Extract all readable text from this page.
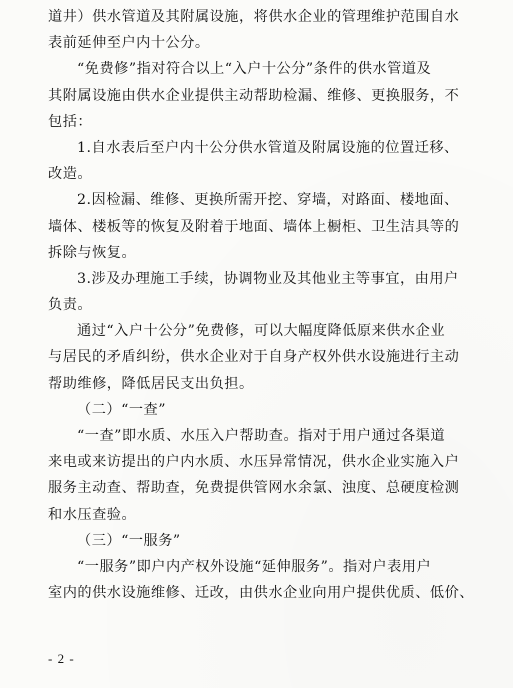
道井）供水管道及其附属设施，将供水企业的管理维护范围自水
表前延伸至户内十公分。
“免费修”指对符合以上“入户十公分”条件的供水管道及
其附属设施由供水企业提供主动帮助检漏、维修、更换服务，不
包括：
1.自水表后至户内十公分供水管道及附属设施的位置迁移、
改造。
2.因检漏、维修、更换所需开挖、穿墙，对路面、楼地面、
墙体、楼板等的恢复及附着于地面、墙体上橱柜、卫生洁具等的
拆除与恢复。
3.涉及办理施工手续，协调物业及其他业主等事宜，由用户
负责。
通过“入户十公分”免费修，可以大幅度降低原来供水企业
与居民的矛盾纠纷，供水企业对于自身产权外供水设施进行主动
帮助维修，降低居民支出负担。
（二）“一查”
“一查”即水质、水压入户帮助查。指对于用户通过各渠道
来电或来访提出的户内水质、水压异常情况，供水企业实施入户
服务主动查、帮助查，免费提供管网水余氯、浊度、总硬度检测
和水压查验。
（三）“一服务”
“一服务”即户内产权外设施“延伸服务”。指对户表用户
室内的供水设施维修、迁改，由供水企业向用户提供优质、低价、
- 2 -
